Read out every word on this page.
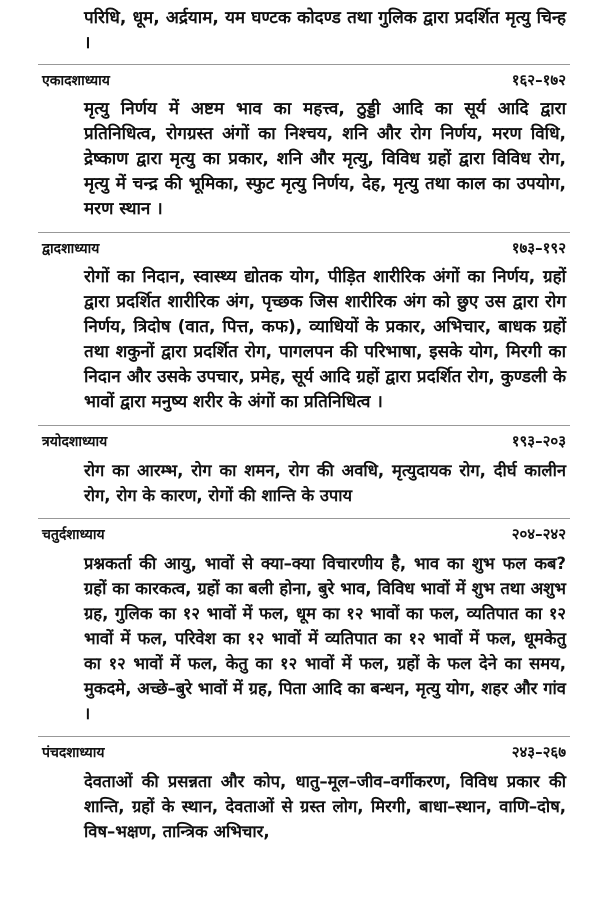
परिधि, धूम, अर्द्रयाम, यम घण्टक कोदण्ड तथा गुलिक द्वारा प्रदर्शित मृत्यु चिन्ह ।

एकादशाध्याय	१६२–१७२

मृत्यु निर्णय में अष्टम भाव का महत्त्व, ठुड्डी आदि का सूर्य आदि द्वारा प्रतिनिधित्व, रोगग्रस्त अंगों का निश्चय, शनि और रोग निर्णय, मरण विधि, द्रेष्काण द्वारा मृत्यु का प्रकार, शनि और मृत्यु, विविध ग्रहों द्वारा विविध रोग, मृत्यु में चन्द्र की भूमिका, स्फुट मृत्यु निर्णय, देह, मृत्यु तथा काल का उपयोग, मरण स्थान ।

द्वादशाध्याय	१७३–१९२

रोगों का निदान, स्वास्थ्य द्योतक योग, पीड़ित शारीरिक अंगों का निर्णय, ग्रहों द्वारा प्रदर्शित शारीरिक अंग, पृच्छक जिस शारीरिक अंग को छुए उस द्वारा रोग निर्णय, त्रिदोष (वात, पित्त, कफ), व्याधियों के प्रकार, अभिचार, बाधक ग्रहों तथा शकुनों द्वारा प्रदर्शित रोग, पागलपन की परिभाषा, इसके योग, मिरगी का निदान और उसके उपचार, प्रमेह, सूर्य आदि ग्रहों द्वारा प्रदर्शित रोग, कुण्डली के भावों द्वारा मनुष्य शरीर के अंगों का प्रतिनिधित्व ।

त्रयोदशाध्याय	१९३–२०३

रोग का आरम्भ, रोग का शमन, रोग की अवधि, मृत्युदायक रोग, दीर्घ कालीन रोग, रोग के कारण, रोगों की शान्ति के उपाय

चतुर्दशाध्याय	२०४–२४२

प्रश्नकर्ता की आयु, भावों से क्या–क्या विचारणीय है, भाव का शुभ फल कब? ग्रहों का कारकत्व, ग्रहों का बली होना, बुरे भाव, विविध भावों में शुभ तथा अशुभ ग्रह, गुलिक का १२ भावों में फल, धूम का १२ भावों का फल, व्यतिपात का १२ भावों में फल, परिवेश का १२ भावों में व्यतिपात का १२ भावों में फल, धूमकेतु का १२ भावों में फल, केतु का १२ भावों में फल, ग्रहों के फल देने का समय, मुकदमे, अच्छे–बुरे भावों में ग्रह, पिता आदि का बन्धन, मृत्यु योग, शहर और गांव ।

पंचदशाध्याय	२४३–२६७

देवताओं की प्रसन्नता और कोप, धातु–मूल–जीव–वर्गीकरण, विविध प्रकार की शान्ति, ग्रहों के स्थान, देवताओं से ग्रस्त लोग, मिरगी, बाधा–स्थान, वाणि–दोष, विष–भक्षण, तान्त्रिक अभिचार,
